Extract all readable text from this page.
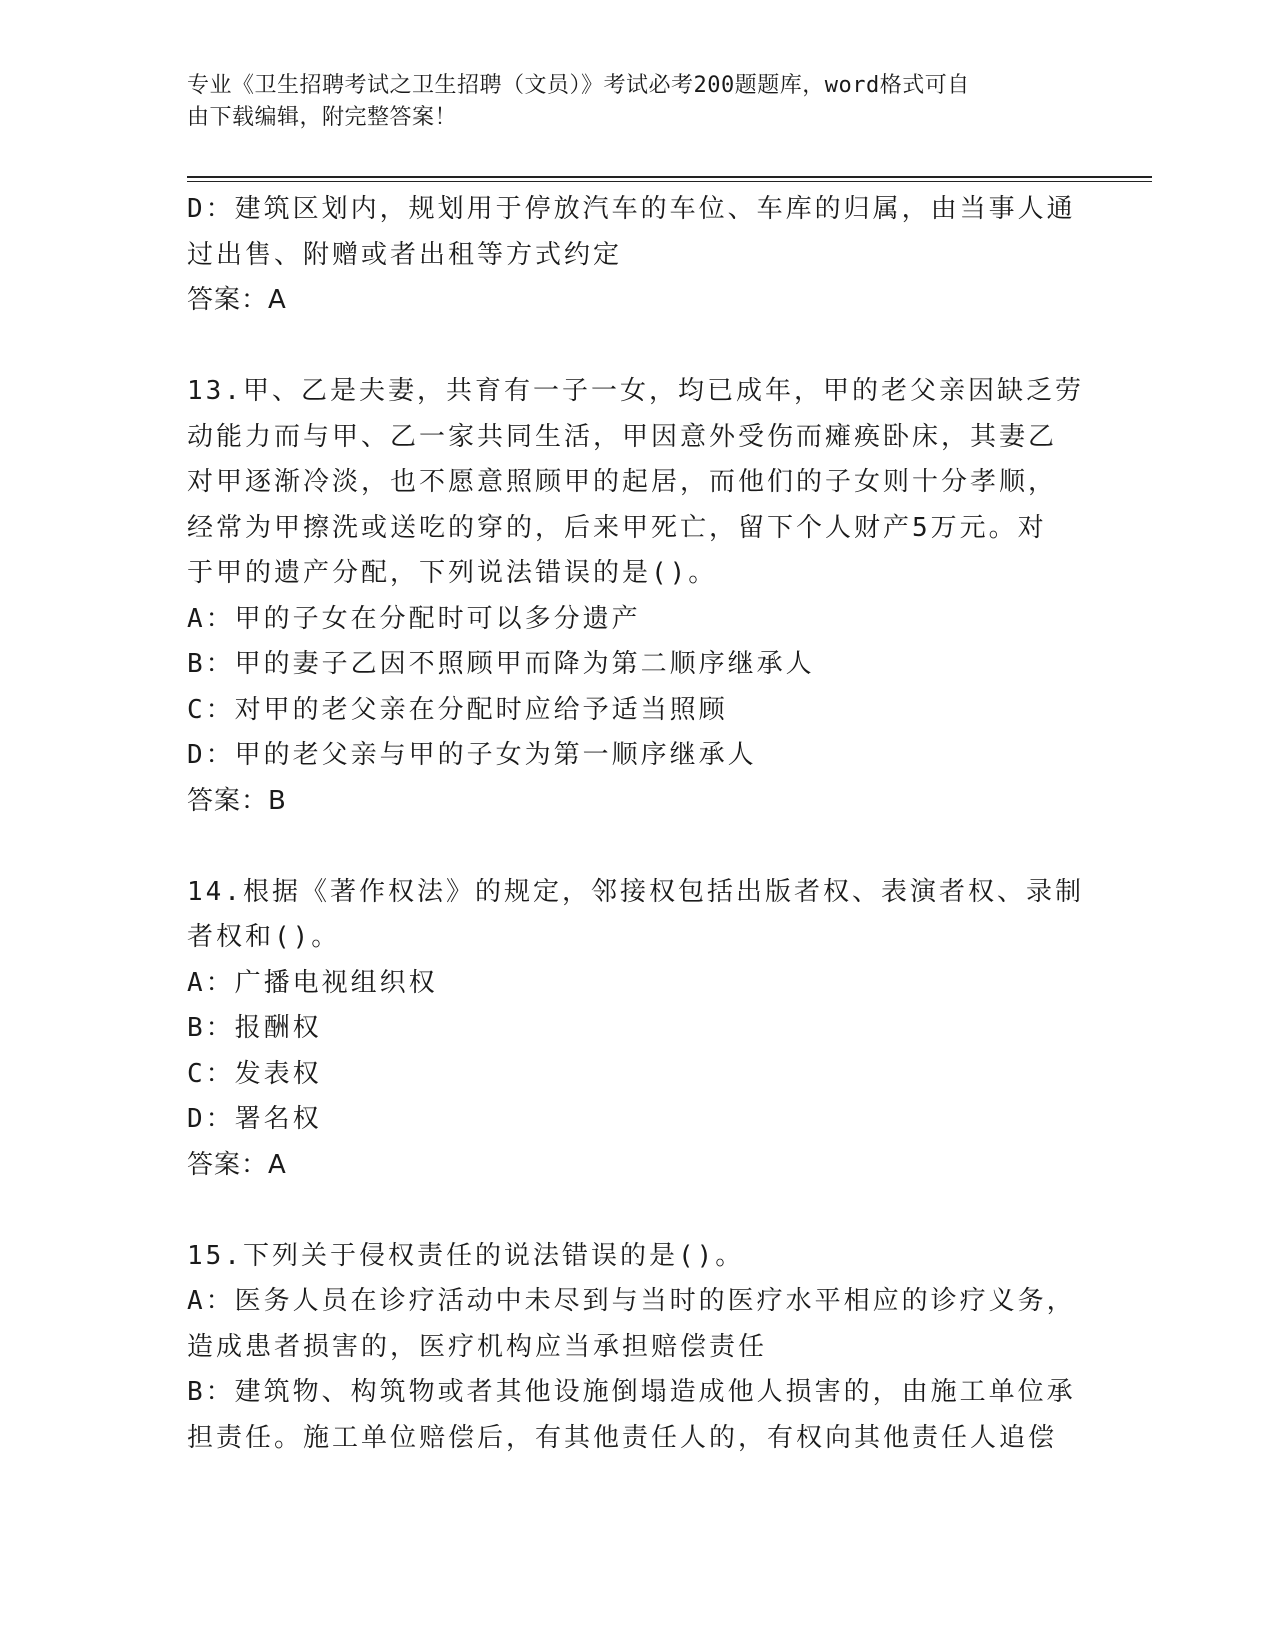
专业《卫生招聘考试之卫生招聘（文员）》考试必考200题题库，word格式可自
由下载编辑，附完整答案！

D：建筑区划内，规划用于停放汽车的车位、车库的归属，由当事人通

过出售、附赠或者出租等方式约定

答案：A

13.甲、乙是夫妻，共育有一子一女，均已成年，甲的老父亲因缺乏劳

动能力而与甲、乙一家共同生活，甲因意外受伤而瘫痪卧床，其妻乙

对甲逐渐冷淡，也不愿意照顾甲的起居，而他们的子女则十分孝顺，

经常为甲擦洗或送吃的穿的，后来甲死亡，留下个人财产5万元。对

于甲的遗产分配，下列说法错误的是()。

A：甲的子女在分配时可以多分遗产

B：甲的妻子乙因不照顾甲而降为第二顺序继承人

C：对甲的老父亲在分配时应给予适当照顾

D：甲的老父亲与甲的子女为第一顺序继承人

答案：B

14.根据《著作权法》的规定，邻接权包括出版者权、表演者权、录制

者权和()。

A：广播电视组织权

B：报酬权

C：发表权

D：署名权

答案：A

15.下列关于侵权责任的说法错误的是()。

A：医务人员在诊疗活动中未尽到与当时的医疗水平相应的诊疗义务，

造成患者损害的，医疗机构应当承担赔偿责任

B：建筑物、构筑物或者其他设施倒塌造成他人损害的，由施工单位承

担责任。施工单位赔偿后，有其他责任人的，有权向其他责任人追偿
